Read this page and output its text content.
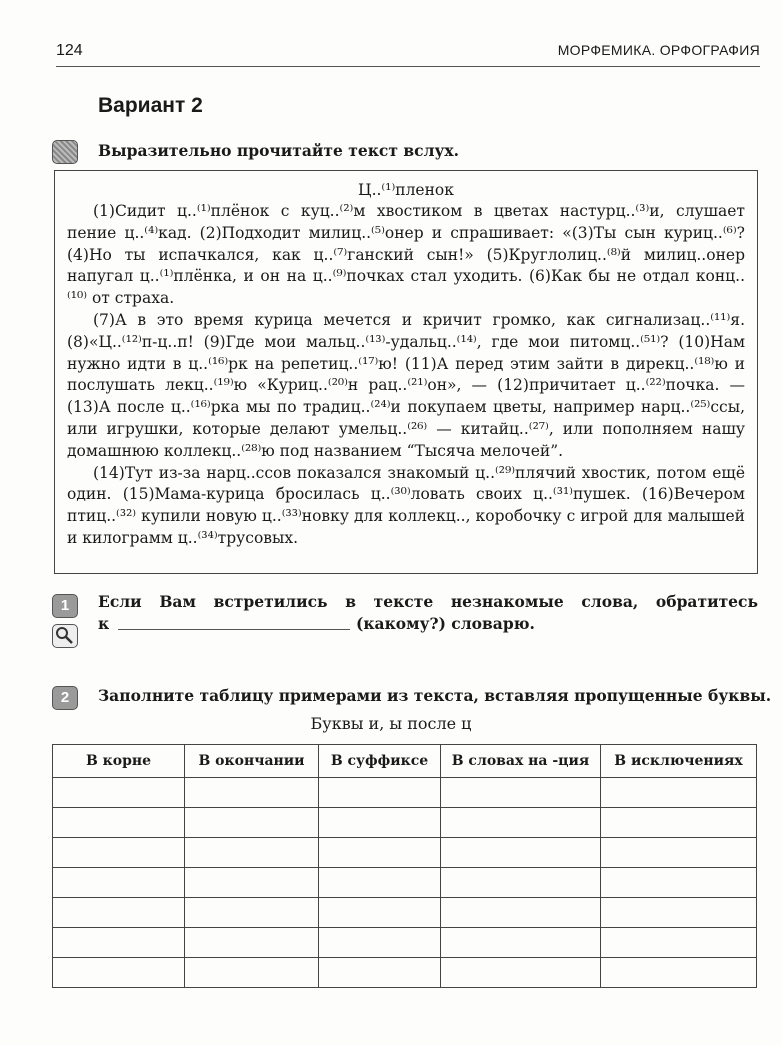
124	МОРФЕМИКА. ОРФОГРАФИЯ
Вариант 2
Выразительно прочитайте текст вслух.
Ц..⁽¹⁾пленок

(1)Сидит ц..⁽¹⁾плёнок с куц..⁽²⁾м хвостиком в цветах настурц..⁽³⁾и, слушает пение ц..⁽⁴⁾кад. (2)Подходит милиц..⁽⁵⁾онер и спрашивает: «(3)Ты сын куриц..⁽⁶⁾? (4)Но ты испачкался, как ц..⁽⁷⁾ганский сын!» (5)Круглолиц..⁽⁸⁾й милиц..онер напугал ц..⁽¹⁾плёнка, и он на ц..⁽⁹⁾почках стал уходить. (6)Как бы не отдал конц..⁽¹⁰⁾ от страха.

(7)А в это время курица мечется и кричит громко, как сигнализац..⁽¹¹⁾я. (8)«Ц..⁽¹²⁾п-ц..п! (9)Где мои мальц..⁽¹³⁾-удальц..⁽¹⁴⁾, где мои питомц..⁽⁵¹⁾? (10)Нам нужно идти в ц..⁽¹⁶⁾рк на репетиц..⁽¹⁷⁾ю! (11)А перед этим зайти в дирекц..⁽¹⁸⁾ю и послушать лекц..⁽¹⁹⁾ю «Куриц..⁽²⁰⁾н рац..⁽²¹⁾он», — (12)причитает ц..⁽²²⁾почка. — (13)А после ц..⁽¹⁶⁾рка мы по традиц..⁽²⁴⁾и покупаем цветы, например нарц..⁽²⁵⁾ссы, или игрушки, которые делают умельц..⁽²⁶⁾ — китайц..⁽²⁷⁾, или пополняем нашу домашнюю коллекц..⁽²⁸⁾ю под названием “Тысяча мелочей”.

(14)Тут из-за нарц..ссов показался знакомый ц..⁽²⁹⁾плячий хвостик, потом ещё один. (15)Мама-курица бросилась ц..⁽³⁰⁾ловать своих ц..⁽³¹⁾пушек. (16)Вечером птиц..⁽³²⁾ купили новую ц..⁽³³⁾новку для коллекц.., коробочку с игрой для малышей и килограмм ц..⁽³⁴⁾трусовых.

1	Если Вам встретились в тексте незнакомые слова, обратитесь
к	(какому?) словарю.
2	Заполните таблицу примерами из текста, вставляя пропущенные буквы.
Буквы и, ы после ц
В корне	В окончании	В суффиксе	В словах на -ция	В исключениях
